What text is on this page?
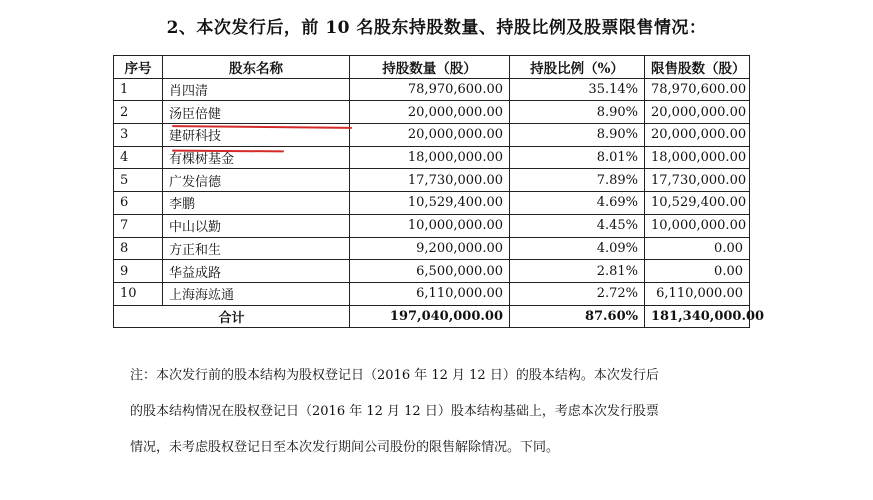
2、本次发行后，前 10 名股东持股数量、持股比例及股票限售情况：
序号	股东名称	持股数量（股）	持股比例（%）	限售股数（股）
1	肖四清	78,970,600.00	35.14%	78,970,600.00
2	汤臣倍健	20,000,000.00	8.90%	20,000,000.00
3	建研科技	20,000,000.00	8.90%	20,000,000.00
4	有棵树基金	18,000,000.00	8.01%	18,000,000.00
5	广发信德	17,730,000.00	7.89%	17,730,000.00
6	李鹏	10,529,400.00	4.69%	10,529,400.00
7	中山以勤	10,000,000.00	4.45%	10,000,000.00
8	方正和生	9,200,000.00	4.09%	0.00
9	华益成路	6,500,000.00	2.81%	0.00
10	上海海竑通	6,110,000.00	2.72%	6,110,000.00
合计		197,040,000.00	87.60%	181,340,000.00

注：本次发行前的股本结构为股权登记日（2016 年 12 月 12 日）的股本结构。本次发行后

的股本结构情况在股权登记日（2016 年 12 月 12 日）股本结构基础上，考虑本次发行股票

情况，未考虑股权登记日至本次发行期间公司股份的限售解除情况。下同。
